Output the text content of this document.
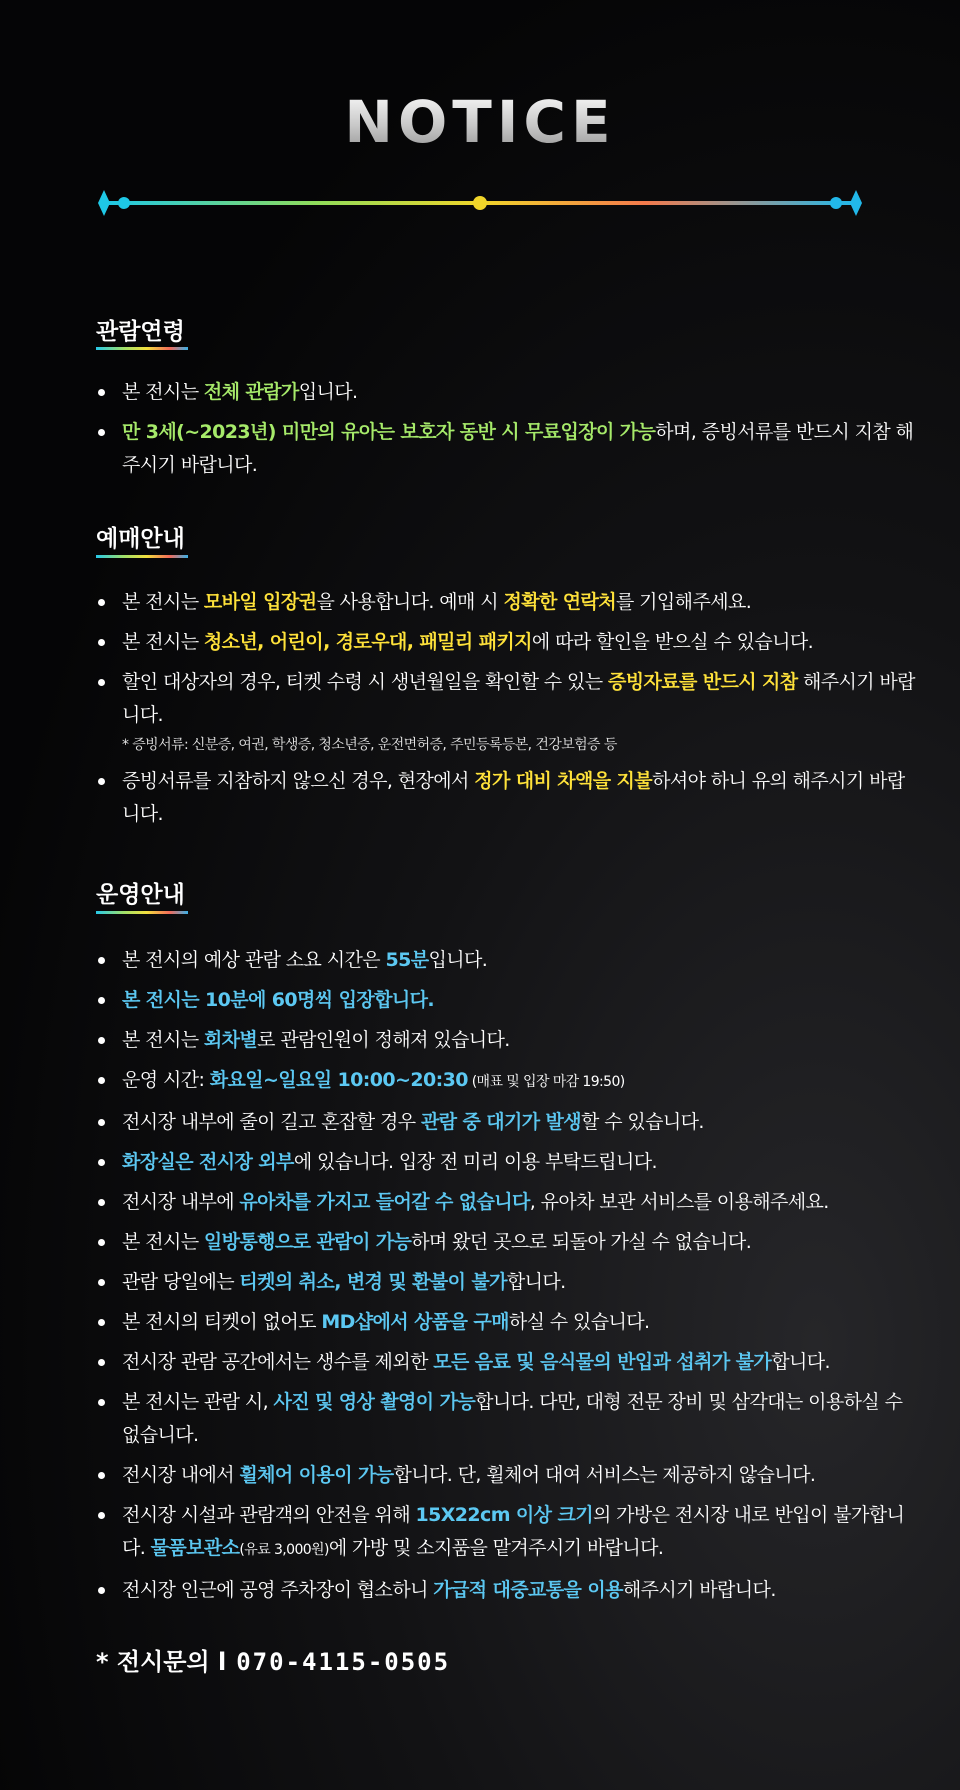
NOTICE
관람연령
본 전시는 전체 관람가입니다.
만 3세(~2023년) 미만의 유아는 보호자 동반 시 무료입장이 가능하며, 증빙서류를 반드시 지참 해주시기 바랍니다.
예매안내
본 전시는 모바일 입장권을 사용합니다. 예매 시 정확한 연락처를 기입해주세요.
본 전시는 청소년, 어린이, 경로우대, 패밀리 패키지에 따라 할인을 받으실 수 있습니다.
할인 대상자의 경우, 티켓 수령 시 생년월일을 확인할 수 있는 증빙자료를 반드시 지참 해주시기 바랍니다.
* 증빙서류: 신분증, 여권, 학생증, 청소년증, 운전면허증, 주민등록등본, 건강보험증 등
증빙서류를 지참하지 않으신 경우, 현장에서 정가 대비 차액을 지불하셔야 하니 유의 해주시기 바랍니다.
운영안내
본 전시의 예상 관람 소요 시간은 55분입니다.
본 전시는 10분에 60명씩 입장합니다.
본 전시는 회차별로 관람인원이 정해져 있습니다.
운영 시간: 화요일~일요일 10:00~20:30 (매표 및 입장 마감 19:50)
전시장 내부에 줄이 길고 혼잡할 경우 관람 중 대기가 발생할 수 있습니다.
화장실은 전시장 외부에 있습니다. 입장 전 미리 이용 부탁드립니다.
전시장 내부에 유아차를 가지고 들어갈 수 없습니다, 유아차 보관 서비스를 이용해주세요.
본 전시는 일방통행으로 관람이 가능하며 왔던 곳으로 되돌아 가실 수 없습니다.
관람 당일에는 티켓의 취소, 변경 및 환불이 불가합니다.
본 전시의 티켓이 없어도 MD샵에서 상품을 구매하실 수 있습니다.
전시장 관람 공간에서는 생수를 제외한 모든 음료 및 음식물의 반입과 섭취가 불가합니다.
본 전시는 관람 시, 사진 및 영상 촬영이 가능합니다. 다만, 대형 전문 장비 및 삼각대는 이용하실 수 없습니다.
전시장 내에서 휠체어 이용이 가능합니다. 단, 휠체어 대여 서비스는 제공하지 않습니다.
전시장 시설과 관람객의 안전을 위해 15X22cm 이상 크기의 가방은 전시장 내로 반입이 불가합니다. 물품보관소(유료 3,000원)에 가방 및 소지품을 맡겨주시기 바랍니다.
전시장 인근에 공영 주차장이 협소하니 가급적 대중교통을 이용해주시기 바랍니다.
* 전시문의 l 070-4115-0505
